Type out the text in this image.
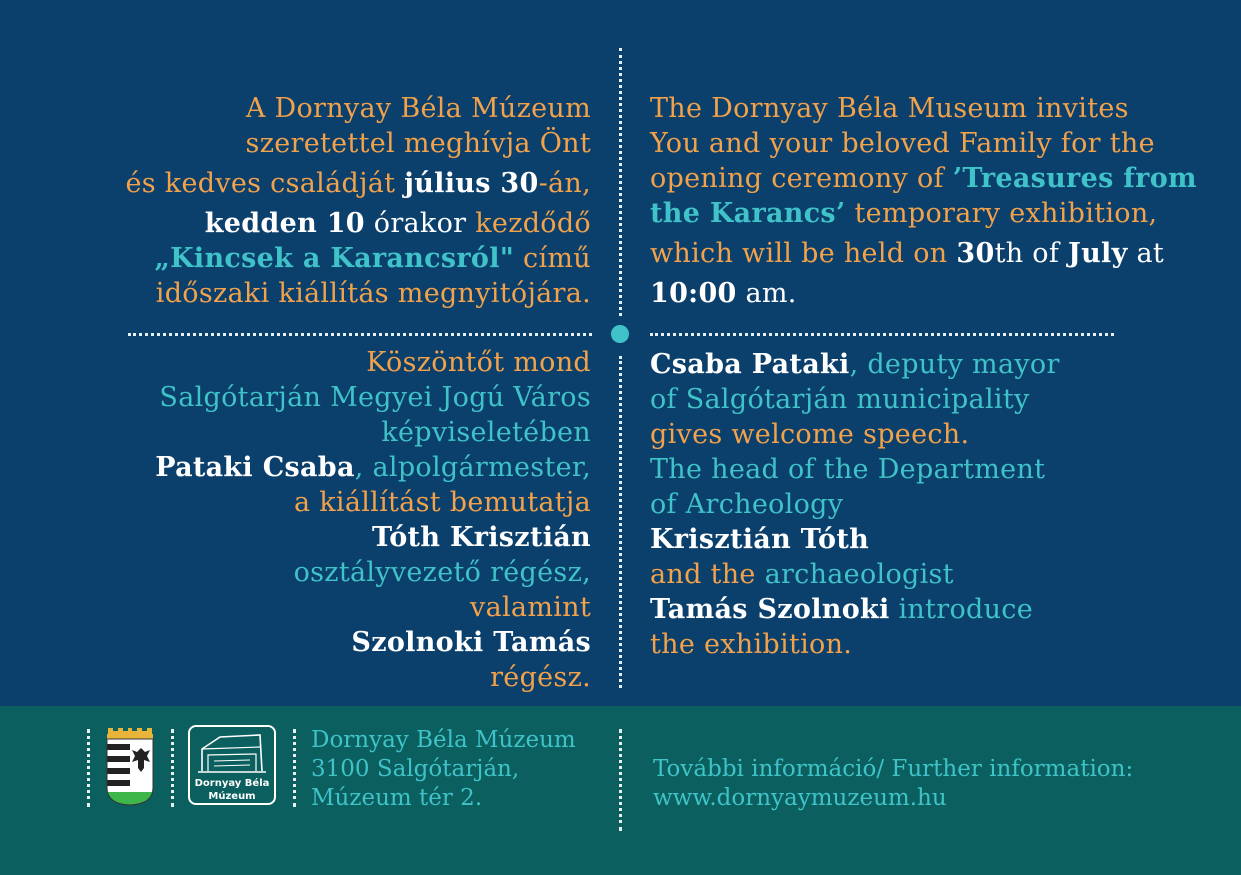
A Dornyay Béla Múzeum
szeretettel meghívja Önt
és kedves családját július 30-án,
kedden 10 órakor kezdődő
„Kincsek a Karancsról" című
időszaki kiállítás megnyitójára.
Köszöntőt mond
Salgótarján Megyei Jogú Város
képviseletében
Pataki Csaba, alpolgármester,
a kiállítást bemutatja
Tóth Krisztián
osztályvezető régész,
valamint
Szolnoki Tamás
régész.
The Dornyay Béla Museum invites
You and your beloved Family for the
opening ceremony of ’Treasures from
the Karancs’ temporary exhibition,
which will be held on 30th of July at
10:00 am.
Csaba Pataki, deputy mayor
of Salgótarján municipality
gives welcome speech.
The head of the Department
of Archeology
Krisztián Tóth
and the archaeologist
Tamás Szolnoki introduce
the exhibition.
Dornyay Béla
Múzeum
Dornyay Béla Múzeum
3100 Salgótarján,
Múzeum tér 2.
További információ/ Further information:
www.dornyaymuzeum.hu
